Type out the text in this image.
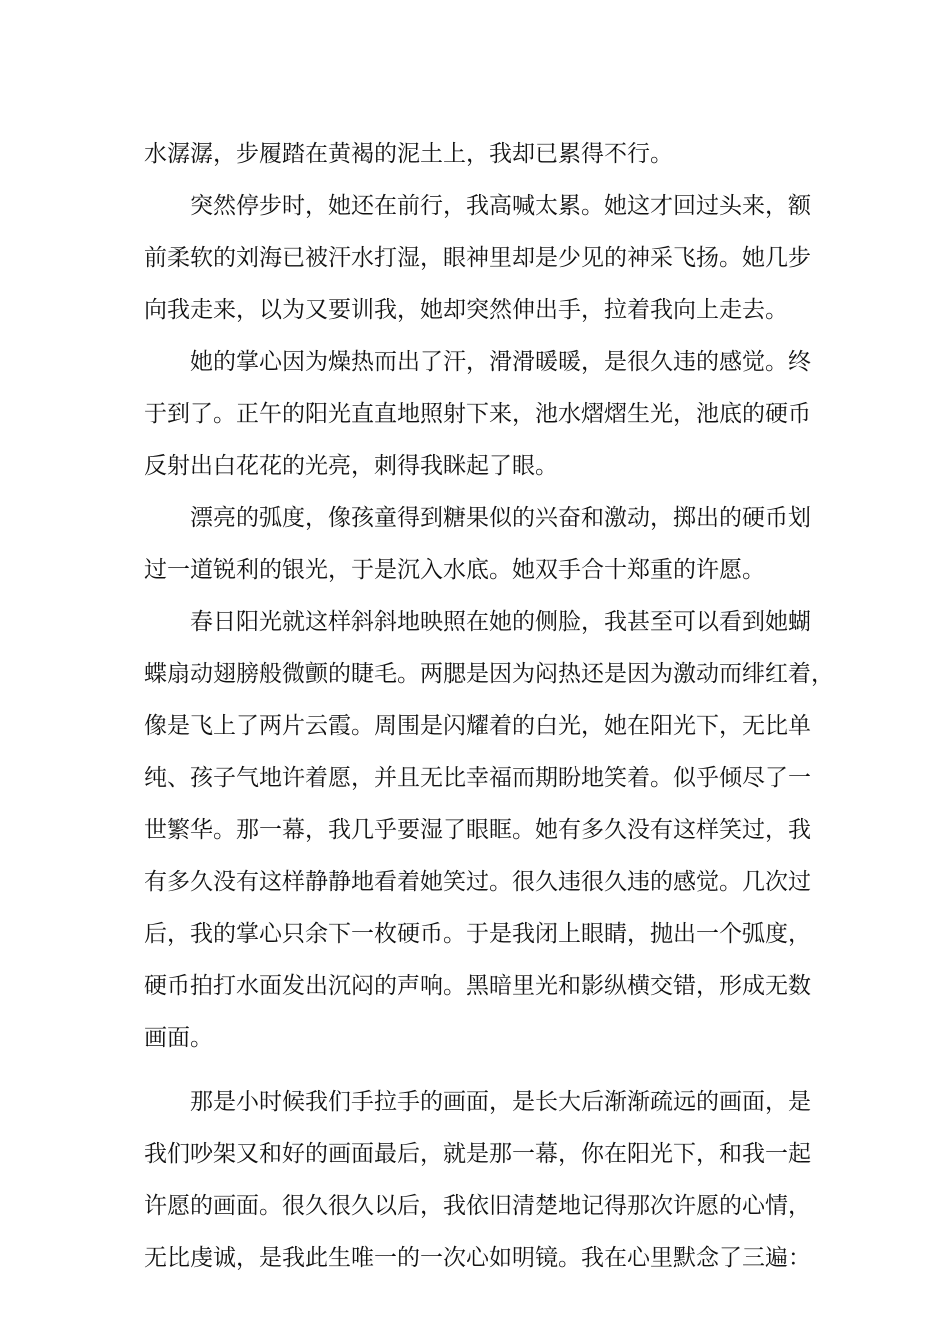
水潺潺，步履踏在黄褐的泥土上，我却已累得不行。
突然停步时，她还在前行，我高喊太累。她这才回过头来，额
前柔软的刘海已被汗水打湿，眼神里却是少见的神采飞扬。她几步
向我走来，以为又要训我，她却突然伸出手，拉着我向上走去。
她的掌心因为燥热而出了汗，滑滑暖暖，是很久违的感觉。终
于到了。正午的阳光直直地照射下来，池水熠熠生光，池底的硬币
反射出白花花的光亮，刺得我眯起了眼。
漂亮的弧度，像孩童得到糖果似的兴奋和激动，掷出的硬币划
过一道锐利的银光，于是沉入水底。她双手合十郑重的许愿。
春日阳光就这样斜斜地映照在她的侧脸，我甚至可以看到她蝴
蝶扇动翅膀般微颤的睫毛。两腮是因为闷热还是因为激动而绯红着，
像是飞上了两片云霞。周围是闪耀着的白光，她在阳光下，无比单
纯、孩子气地许着愿，并且无比幸福而期盼地笑着。似乎倾尽了一
世繁华。那一幕，我几乎要湿了眼眶。她有多久没有这样笑过，我
有多久没有这样静静地看着她笑过。很久违很久违的感觉。几次过
后，我的掌心只余下一枚硬币。于是我闭上眼睛，抛出一个弧度，
硬币拍打水面发出沉闷的声响。黑暗里光和影纵横交错，形成无数
画面。
那是小时候我们手拉手的画面，是长大后渐渐疏远的画面，是
我们吵架又和好的画面最后，就是那一幕，你在阳光下，和我一起
许愿的画面。很久很久以后，我依旧清楚地记得那次许愿的心情，
无比虔诚，是我此生唯一的一次心如明镜。我在心里默念了三遍：
